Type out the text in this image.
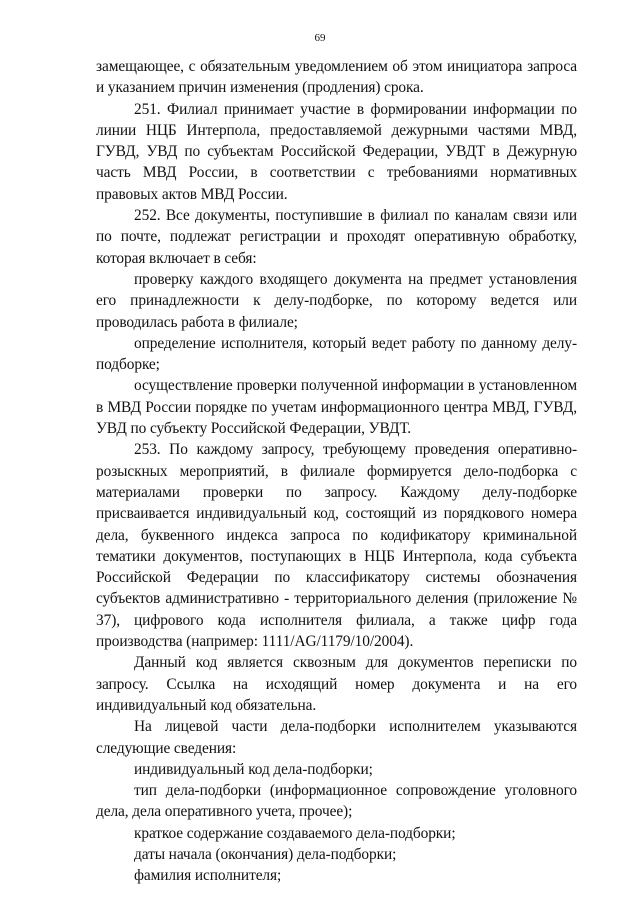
69

замещающее, с обязательным уведомлением об этом инициатора запроса и указанием причин изменения (продления) срока.

251. Филиал принимает участие в формировании информации по линии НЦБ Интерпола, предоставляемой дежурными частями МВД, ГУВД, УВД по субъектам Российской Федерации, УВДТ в Дежурную часть МВД России, в соответствии с требованиями нормативных правовых актов МВД России.

252. Все документы, поступившие в филиал по каналам связи или по почте, подлежат регистрации и проходят оперативную обработку, которая включает в себя:

проверку каждого входящего документа на предмет установления его принадлежности к делу-подборке, по которому ведется или проводилась работа в филиале;

определение исполнителя, который ведет работу по данному делу-подборке;

осуществление проверки полученной информации в установленном в МВД России порядке по учетам информационного центра МВД, ГУВД, УВД по субъекту Российской Федерации, УВДТ.

253. По каждому запросу, требующему проведения оперативно-розыскных мероприятий, в филиале формируется дело-подборка с материалами проверки по запросу. Каждому делу-подборке присваивается индивидуальный код, состоящий из порядкового номера дела, буквенного индекса запроса по кодификатору криминальной тематики документов, поступающих в НЦБ Интерпола, кода субъекта Российской Федерации по классификатору системы обозначения субъектов административно - территориального деления (приложение № 37), цифрового кода исполнителя филиала, а также цифр года производства (например: 1111/AG/1179/10/2004).

Данный код является сквозным для документов переписки по запросу. Ссылка на исходящий номер документа и на его индивидуальный код обязательна.

На лицевой части дела-подборки исполнителем указываются следующие сведения:

индивидуальный код дела-подборки;

тип дела-подборки (информационное сопровождение уголовного дела, дела оперативного учета, прочее);

краткое содержание создаваемого дела-подборки;

даты начала (окончания) дела-подборки;

фамилия исполнителя;
